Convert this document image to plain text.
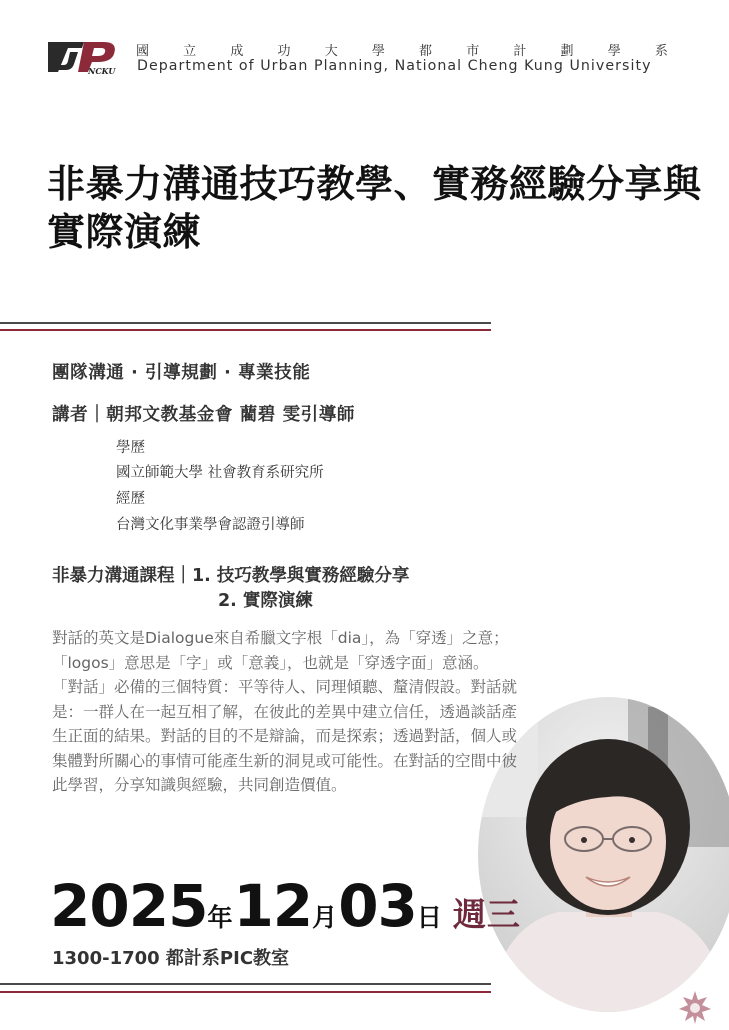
NCKU
國	立	成	功	大	學	都	市	計	劃	學	系
Department of Urban Planning, National Cheng Kung University
非暴力溝通技巧教學、實務經驗分享與實際演練
團隊溝通 · 引導規劃 · 專業技能
講者｜朝邦文教基金會 藺碧 雯引導師
學歷
國立師範大學 社會教育系研究所
經歷
台灣文化事業學會認證引導師
非暴力溝通課程｜1. 技巧教學與實務經驗分享
2. 實際演練

對話的英文是Dialogue來自希臘文字根「dia」，為「穿透」之意；「logos」意思是「字」或「意義」，也就是「穿透字面」意涵。

「對話」必備的三個特質：平等待人、同理傾聽、釐清假設。對話就是：一群人在一起互相了解，在彼此的差異中建立信任，透過談話產生正面的結果。對話的目的不是辯論，而是探索；透過對話，個人或集體對所關心的事情可能產生新的洞見或可能性。在對話的空間中彼此學習，分享知識與經驗，共同創造價值。

2025 年 12 月 03 日 週三
1300-1700 都計系PIC教室
